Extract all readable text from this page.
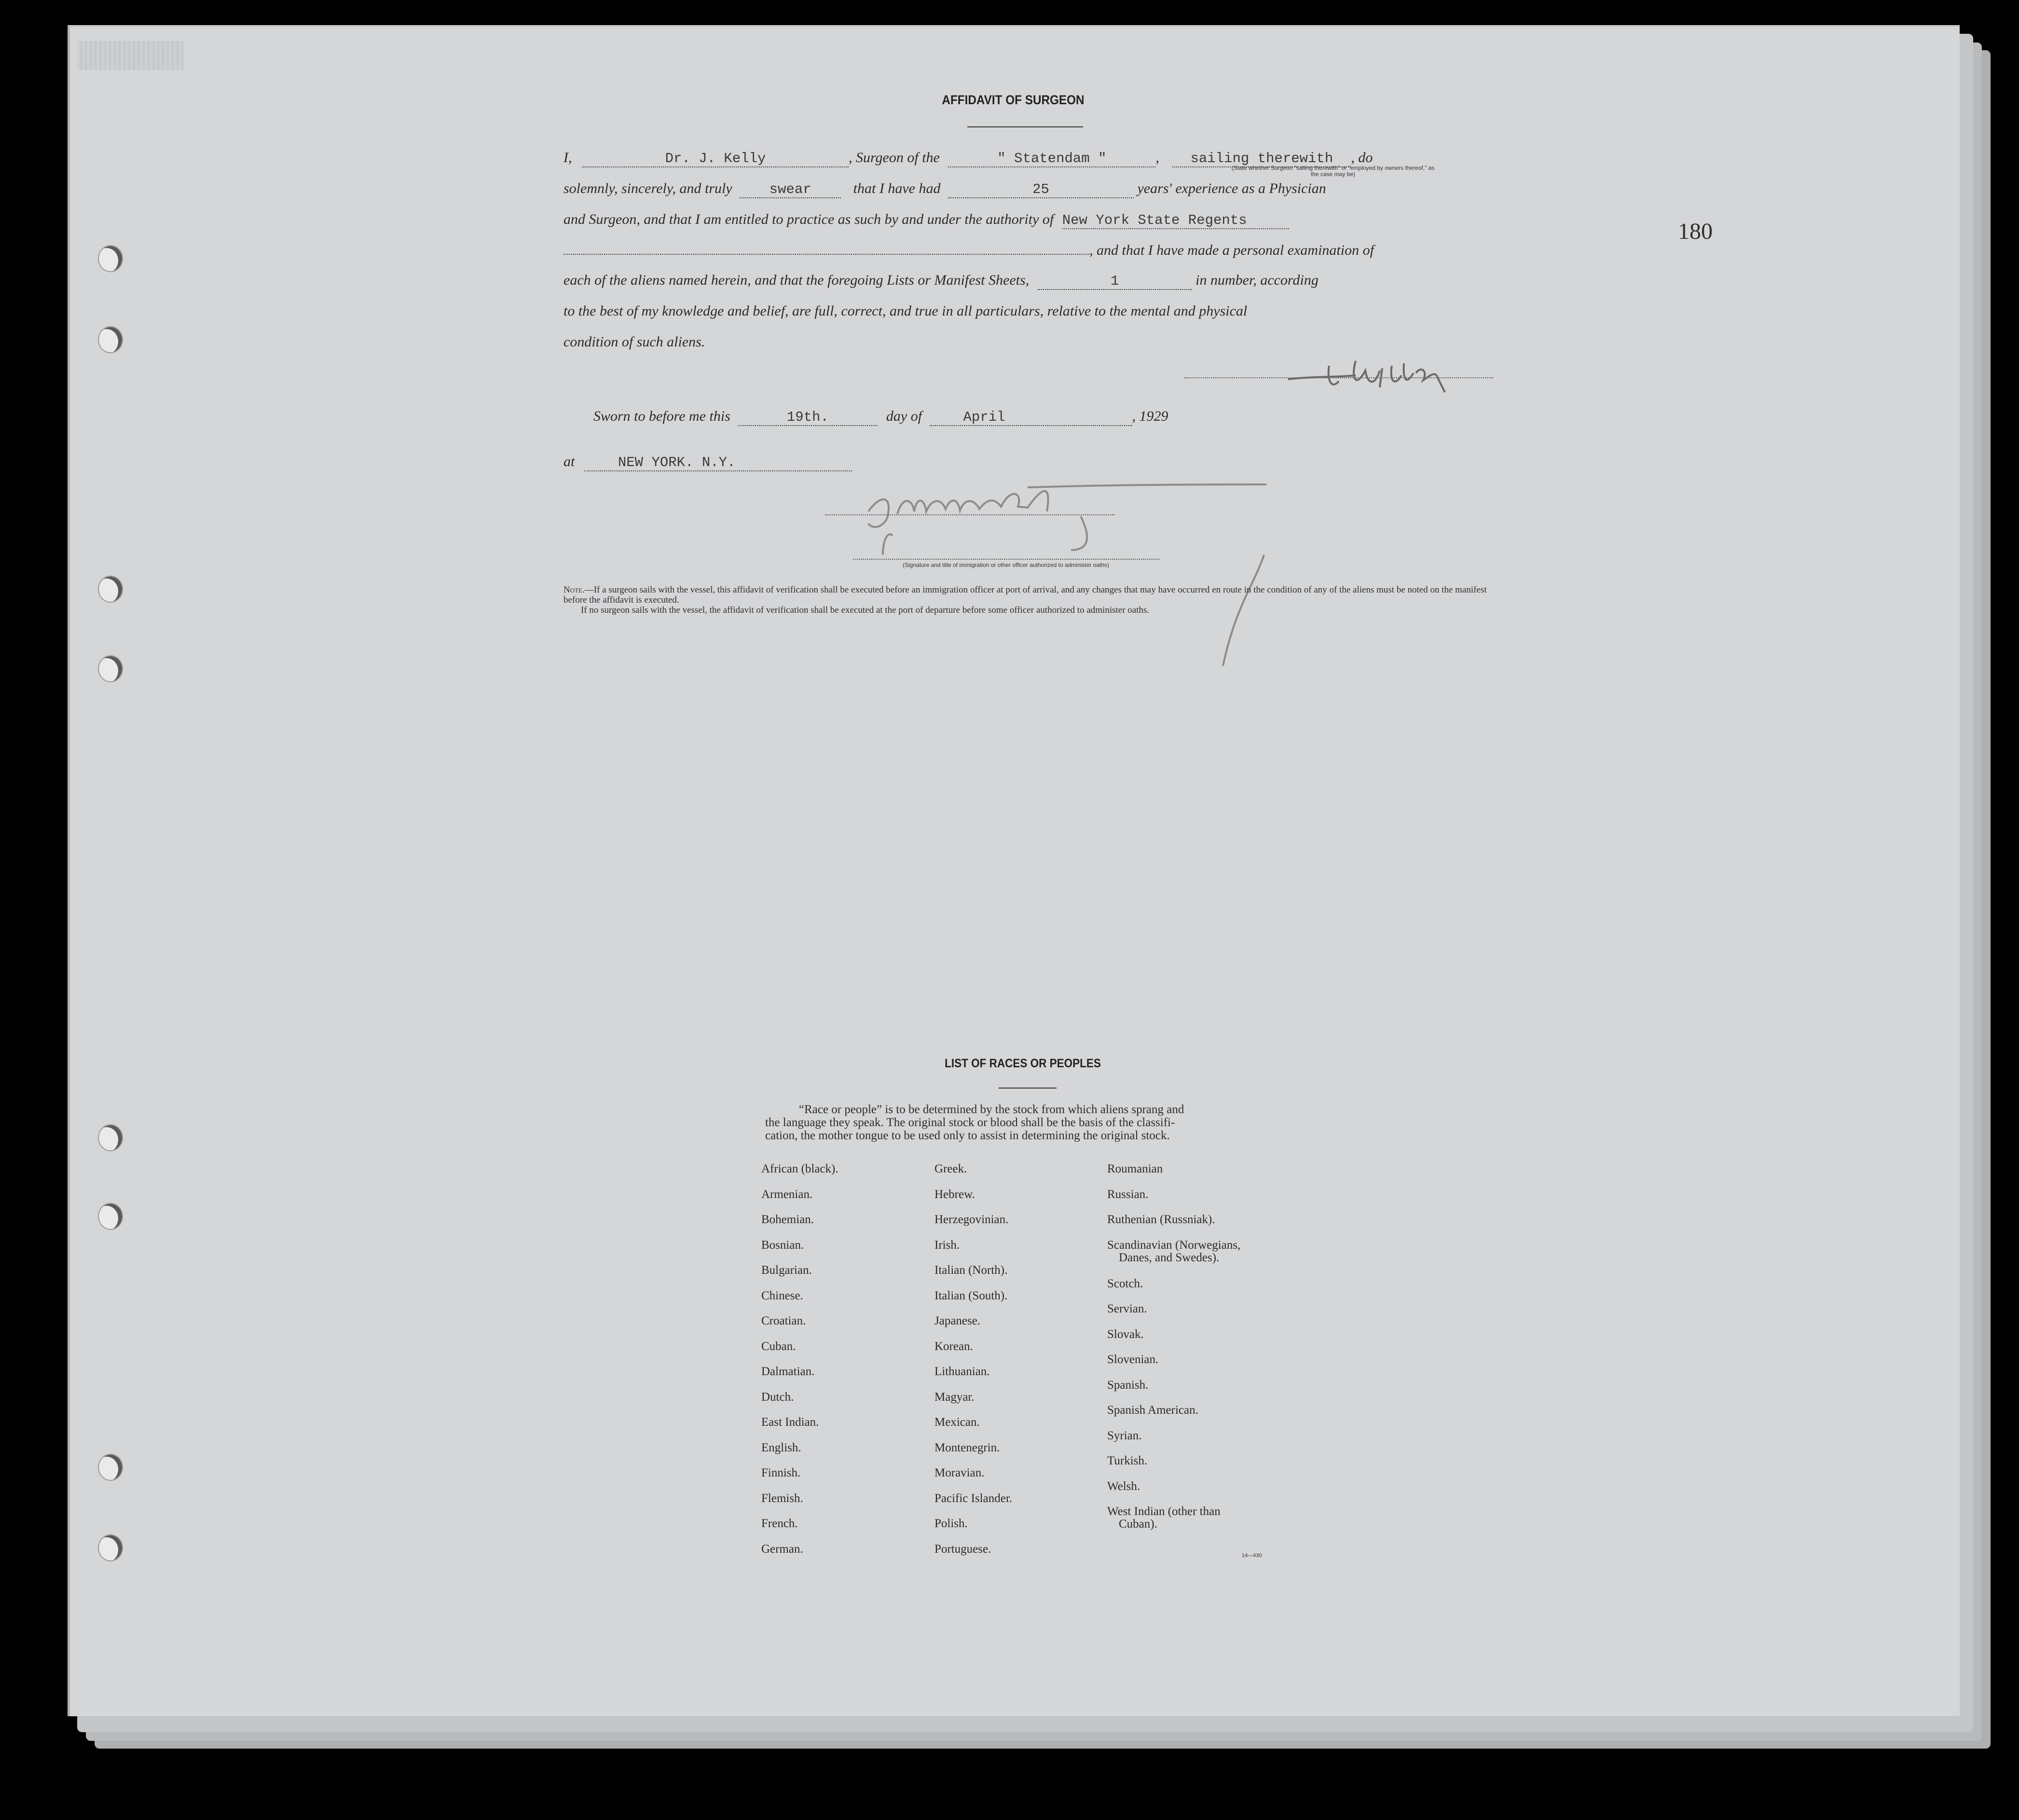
180
AFFIDAVIT OF SURGEON
I,	Dr. J. Kelly	, Surgeon of the	" Statendam "	, sailing therewith , do
(State whether Surgeon "sailing therewith" or "employed by owners thereof," as the case may be)
solemnly, sincerely, and truly	swear	that I have had	25	years' experience as a Physician
and Surgeon, and that I am entitled to practice as such by and under the authority of New York State Regents
, and that I have made a personal examination of
each of the aliens named herein, and that the foregoing Lists or Manifest Sheets,	1	in number, according
to the best of my knowledge and belief, are full, correct, and true in all particulars, relative to the mental and physical
condition of such aliens.
Sworn to before me this	19th.	day of	April	, 1929
at	NEW YORK. N.Y.
(Signature and title of immigration or other officer authorized to administer oaths)
Note.—If a surgeon sails with the vessel, this affidavit of verification shall be executed before an immigration officer at port of arrival, and any changes that may have occurred en route in the condition of any of the aliens must be noted on the manifest before the affidavit is executed.
If no surgeon sails with the vessel, the affidavit of verification shall be executed at the port of departure before some officer authorized to administer oaths.
LIST OF RACES OR PEOPLES
“Race or people” is to be determined by the stock from which aliens sprang and
the language they speak. The original stock or blood shall be the basis of the classifi-
cation, the mother tongue to be used only to assist in determining the original stock.
African (black).
Armenian.
Bohemian.
Bosnian.
Bulgarian.
Chinese.
Croatian.
Cuban.
Dalmatian.
Dutch.
East Indian.
English.
Finnish.
Flemish.
French.
German.
Greek.
Hebrew.
Herzegovinian.
Irish.
Italian (North).
Italian (South).
Japanese.
Korean.
Lithuanian.
Magyar.
Mexican.
Montenegrin.
Moravian.
Pacific Islander.
Polish.
Portuguese.
Roumanian
Russian.
Ruthenian (Russniak).
Scandinavian (Norwegians,
Danes, and Swedes).
Scotch.
Servian.
Slovak.
Slovenian.
Spanish.
Spanish American.
Syrian.
Turkish.
Welsh.
West Indian (other than
Cuban).
14—430
